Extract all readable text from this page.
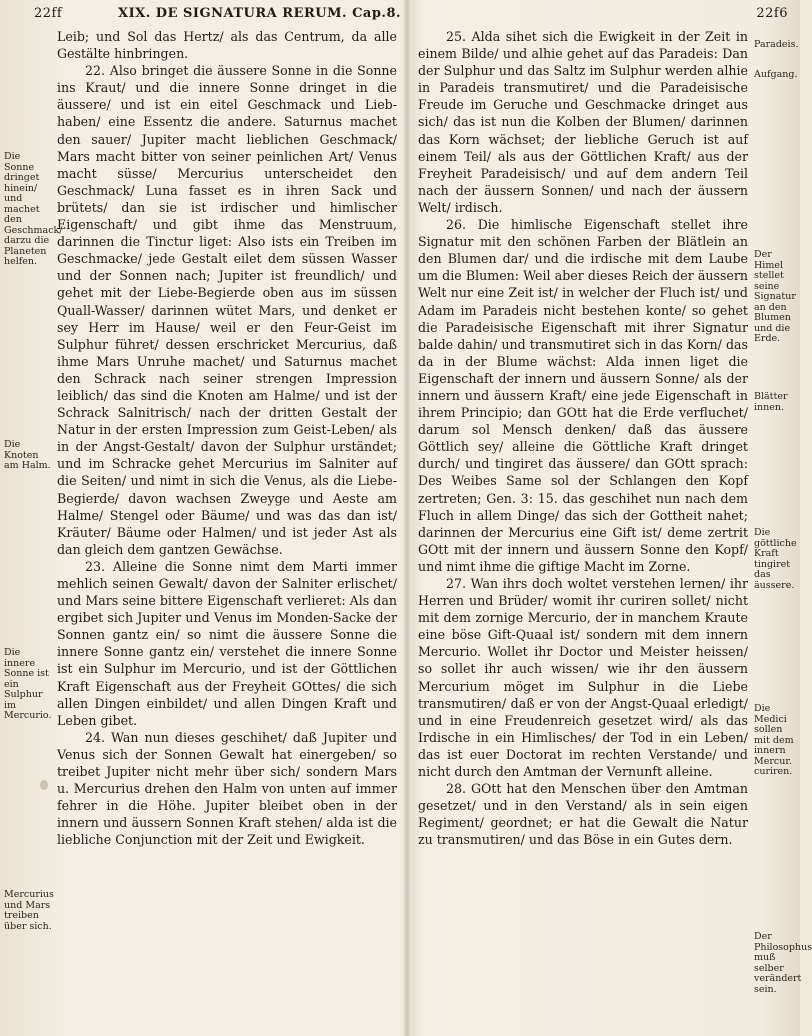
22ff	XIX. DE SIGNATURA RERUM. Cap.8.	22f6
Die Sonne dringet hinein/ und machet den Geschmack/ darzu die Planeten helfen.
Die Knoten am Halm.
Die innere Sonne ist ein Sulphur im Mercurio.
Mercurius und Mars treiben über sich.

Leib; und Sol das Hertz/ als das Centrum, da alle Gestälte hinbringen.

22. Also bringet die äussere Sonne in die Sonne ins Kraut/ und die innere Sonne dringet in die äussere/ und ist ein eitel Geschmack und Lieb-haben/ eine Essentz die andere. Saturnus machet den sauer/ Jupiter macht lieblichen Geschmack/ Mars macht bitter von seiner peinlichen Art/ Venus macht süsse/ Mercurius unterscheidet den Geschmack/ Luna fasset es in ihren Sack und brütets/ dan sie ist irdischer und himlischer Eigenschaft/ und gibt ihme das Menstruum, darinnen die Tinctur liget: Also ists ein Treiben im Geschmacke/ jede Gestalt eilet dem süssen Wasser und der Sonnen nach; Jupiter ist freundlich/ und gehet mit der Liebe-Begierde oben aus im süssen Quall-Wasser/ darinnen wütet Mars, und denket er sey Herr im Hause/ weil er den Feur-Geist im Sulphur führet/ dessen erschricket Mercurius, daß ihme Mars Unruhe machet/ und Saturnus machet den Schrack nach seiner strengen Impression leiblich/ das sind die Knoten am Halme/ und ist der Schrack Salnitrisch/ nach der dritten Gestalt der Natur in der ersten Impression zum Geist-Leben/ als in der Angst-Gestalt/ davon der Sulphur urständet; und im Schracke gehet Mercurius im Salniter auf die Seiten/ und nimt in sich die Venus, als die Liebe-Begierde/ davon wachsen Zweyge und Aeste am Halme/ Stengel oder Bäume/ und was das dan ist/ Kräuter/ Bäume oder Halmen/ und ist jeder Ast als dan gleich dem gantzen Gewächse.

23. Alleine die Sonne nimt dem Marti immer mehlich seinen Gewalt/ davon der Salniter erlischet/ und Mars seine bittere Eigenschaft verlieret: Als dan ergibet sich Jupiter und Venus im Monden-Sacke der Sonnen gantz ein/ so nimt die äussere Sonne die innere Sonne gantz ein/ verstehet die innere Sonne ist ein Sulphur im Mercurio, und ist der Göttlichen Kraft Eigenschaft aus der Freyheit GOttes/ die sich allen Dingen einbildet/ und allen Dingen Kraft und Leben gibet.

24. Wan nun dieses geschihet/ daß Jupiter und Venus sich der Sonnen Gewalt hat einergeben/ so treibet Jupiter nicht mehr über sich/ sondern Mars u. Mercurius drehen den Halm von unten auf immer fehrer in die Höhe. Jupiter bleibet oben in der innern und äussern Sonnen Kraft stehen/ alda ist die liebliche Conjunction mit der Zeit und Ewigkeit.

25. Alda sihet sich die Ewigkeit in der Zeit in einem Bilde/ und alhie gehet auf das Paradeis: Dan der Sulphur und das Saltz im Sulphur werden alhie in Paradeis transmutiret/ und die Paradeisische Freude im Geruche und Geschmacke dringet aus sich/ das ist nun die Kolben der Blumen/ darinnen das Korn wächset; der liebliche Geruch ist auf einem Teil/ als aus der Göttlichen Kraft/ aus der Freyheit Paradeisisch/ und auf dem andern Teil nach der äussern Sonnen/ und nach der äussern Welt/ irdisch.

26. Die himlische Eigenschaft stellet ihre Signatur mit den schönen Farben der Blätlein an den Blumen dar/ und die irdische mit dem Laube um die Blumen: Weil aber dieses Reich der äussern Welt nur eine Zeit ist/ in welcher der Fluch ist/ und Adam im Paradeis nicht bestehen konte/ so gehet die Paradeisische Eigenschaft mit ihrer Signatur balde dahin/ und transmutiret sich in das Korn/ das da in der Blume wächst: Alda innen liget die Eigenschaft der innern und äussern Sonne/ als der innern und äussern Kraft/ eine jede Eigenschaft in ihrem Principio; dan GOtt hat die Erde verfluchet/ darum sol Mensch denken/ daß das äussere Göttlich sey/ alleine die Göttliche Kraft dringet durch/ und tingiret das äussere/ dan GOtt sprach: Des Weibes Same sol der Schlangen den Kopf zertreten; Gen. 3: 15. das geschihet nun nach dem Fluch in allem Dinge/ das sich der Gottheit nahet; darinnen der Mercurius eine Gift ist/ deme zertrit GOtt mit der innern und äussern Sonne den Kopf/ und nimt ihme die giftige Macht im Zorne.

27. Wan ihrs doch woltet verstehen lernen/ ihr Herren und Brüder/ womit ihr curiren sollet/ nicht mit dem zornige Mercurio, der in manchem Kraute eine böse Gift-Quaal ist/ sondern mit dem innern Mercurio. Wollet ihr Doctor und Meister heissen/ so sollet ihr auch wissen/ wie ihr den äussern Mercurium möget im Sulphur in die Liebe transmutiren/ daß er von der Angst-Quaal erledigt/ und in eine Freudenreich gesetzet wird/ als das Irdische in ein Himlisches/ der Tod in ein Leben/ das ist euer Doctorat im rechten Verstande/ und nicht durch den Amtman der Vernunft alleine.

28. GOtt hat den Menschen über den Amtman gesetzet/ und in den Verstand/ als in sein eigen Regiment/ geordnet; er hat die Gewalt die Natur zu transmutiren/ und das Böse in ein Gutes dern.

Paradeis.
Aufgang.
Der Himel stellet seine Signatur an den Blumen und die Erde.
Blätter innen.
Die göttliche Kraft tingiret das äussere.
Die Medici sollen mit dem innern Mercur. curiren.
Der Philosophus muß selber verändert sein.
